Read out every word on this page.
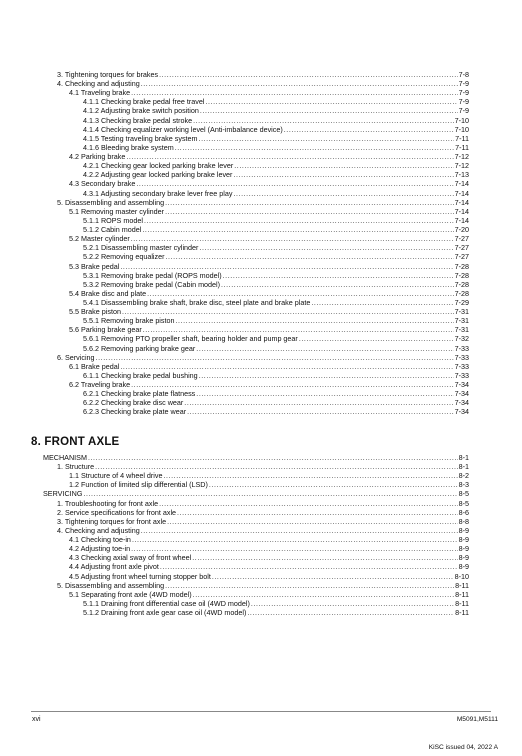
3. Tightening torques for brakes .....	7-8
4. Checking and adjusting .....	7-9
4.1 Traveling brake .....	7-9
4.1.1 Checking brake pedal free travel .....	7-9
4.1.2 Adjusting brake switch position .....	7-9
4.1.3 Checking brake pedal stroke .....	7-10
4.1.4 Checking equalizer working level (Anti-imbalance device) .....	7-10
4.1.5 Testing traveling brake system .....	7-11
4.1.6 Bleeding brake system .....	7-11
4.2 Parking brake .....	7-12
4.2.1 Checking gear locked parking brake lever .....	7-12
4.2.2 Adjusting gear locked parking brake lever .....	7-13
4.3 Secondary brake .....	7-14
4.3.1 Adjusting secondary brake lever free play .....	7-14
5. Disassembling and assembling .....	7-14
5.1 Removing master cylinder .....	7-14
5.1.1 ROPS model .....	7-14
5.1.2 Cabin model .....	7-20
5.2 Master cylinder .....	7-27
5.2.1 Disassembling master cylinder .....	7-27
5.2.2 Removing equalizer .....	7-27
5.3 Brake pedal .....	7-28
5.3.1 Removing brake pedal (ROPS model) .....	7-28
5.3.2 Removing brake pedal (Cabin model) .....	7-28
5.4 Brake disc and plate .....	7-28
5.4.1 Disassembling brake shaft, brake disc, steel plate and brake plate .....	7-29
5.5 Brake piston .....	7-31
5.5.1 Removing brake piston .....	7-31
5.6 Parking brake gear .....	7-31
5.6.1 Removing PTO propeller shaft, bearing holder and pump gear .....	7-32
5.6.2 Removing parking brake gear .....	7-33
6. Servicing .....	7-33
6.1 Brake pedal .....	7-33
6.1.1 Checking brake pedal bushing .....	7-33
6.2 Traveling brake .....	7-34
6.2.1 Checking brake plate flatness .....	7-34
6.2.2 Checking brake disc wear .....	7-34
6.2.3 Checking brake plate wear .....	7-34
8. FRONT AXLE
MECHANISM .....	8-1
1. Structure .....	8-1
1.1 Structure of 4 wheel drive .....	8-2
1.2 Function of limited slip differential (LSD) .....	8-3
SERVICING .....	8-5
1. Troubleshooting for front axle .....	8-5
2. Service specifications for front axle .....	8-6
3. Tightening torques for front axle .....	8-8
4. Checking and adjusting .....	8-9
4.1 Checking toe-in .....	8-9
4.2 Adjusting toe-in .....	8-9
4.3 Checking axial sway of front wheel .....	8-9
4.4 Adjusting front axle pivot .....	8-9
4.5 Adjusting front wheel turning stopper bolt .....	8-10
5. Disassembling and assembling .....	8-11
5.1 Separating front axle (4WD model) .....	8-11
5.1.1 Draining front differential case oil (4WD model) .....	8-11
5.1.2 Draining front axle gear case oil (4WD model) .....	8-11
xvi	M5091,M5111
KiSC issued 04, 2022 A
